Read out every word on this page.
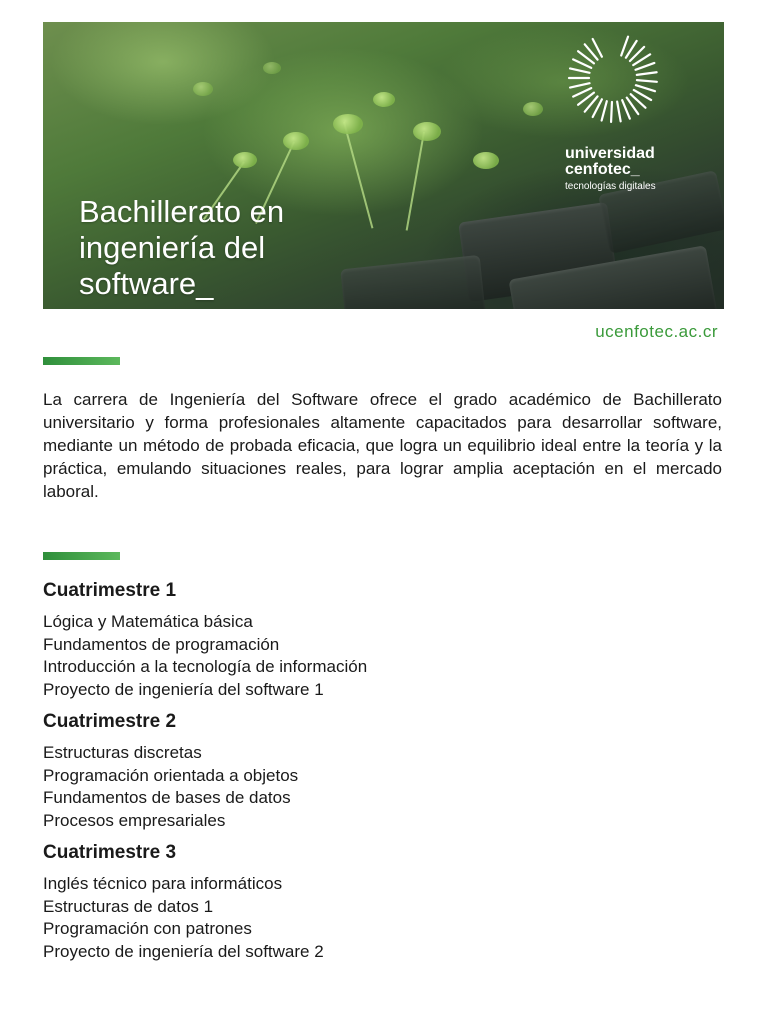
Bachillerato en
ingeniería del
software_

universidad

cenfotec_

tecnologías digitales

ucenfotec.ac.cr

La carrera de Ingeniería del Software ofrece el grado académico de Bachillerato universitario y forma profesionales altamente capacitados para desarrollar software, mediante un método de probada eficacia, que logra un equilibrio ideal entre la teoría y la práctica, emulando situaciones reales, para lograr amplia aceptación en el mercado laboral.

Cuatrimestre 1
Lógica y Matemática básica
Fundamentos de programación
Introducción a la tecnología de información
Proyecto de ingeniería del software 1
Cuatrimestre 2
Estructuras discretas
Programación orientada a objetos
Fundamentos de bases de datos
Procesos empresariales
Cuatrimestre 3
Inglés técnico para informáticos
Estructuras de datos 1
Programación con patrones
Proyecto de ingeniería del software 2
